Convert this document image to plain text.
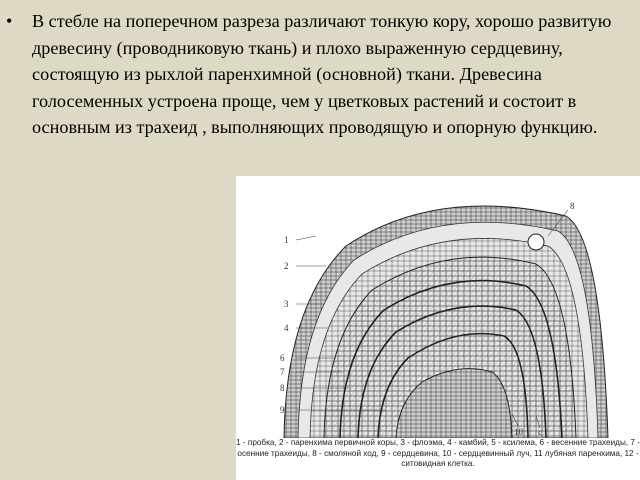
•	В стебле на поперечном разреза различают тонкую кору, хорошо развитую древесину (проводниковую ткань) и плохо выраженную сердцевину, состоящую из рыхлой паренхимной (основной) ткани. Древесина голосеменных устроена проще, чем у цветковых растений и состоит в основным из трахеид , выполняющих проводящую и опорную функцию.
1
2
3
4
6
7
8
9
8
10 c
1 - пробка, 2 - паренхима первичной коры, 3 - флоэма, 4 - камбий, 5 - ксилема, 6 - весенние трахеиды, 7 - осенние трахеиды, 8 - смоляной ход, 9 - сердцевина, 10 - сердцевинный луч, 11 лубяная паренхима, 12 - ситовидная клетка.
